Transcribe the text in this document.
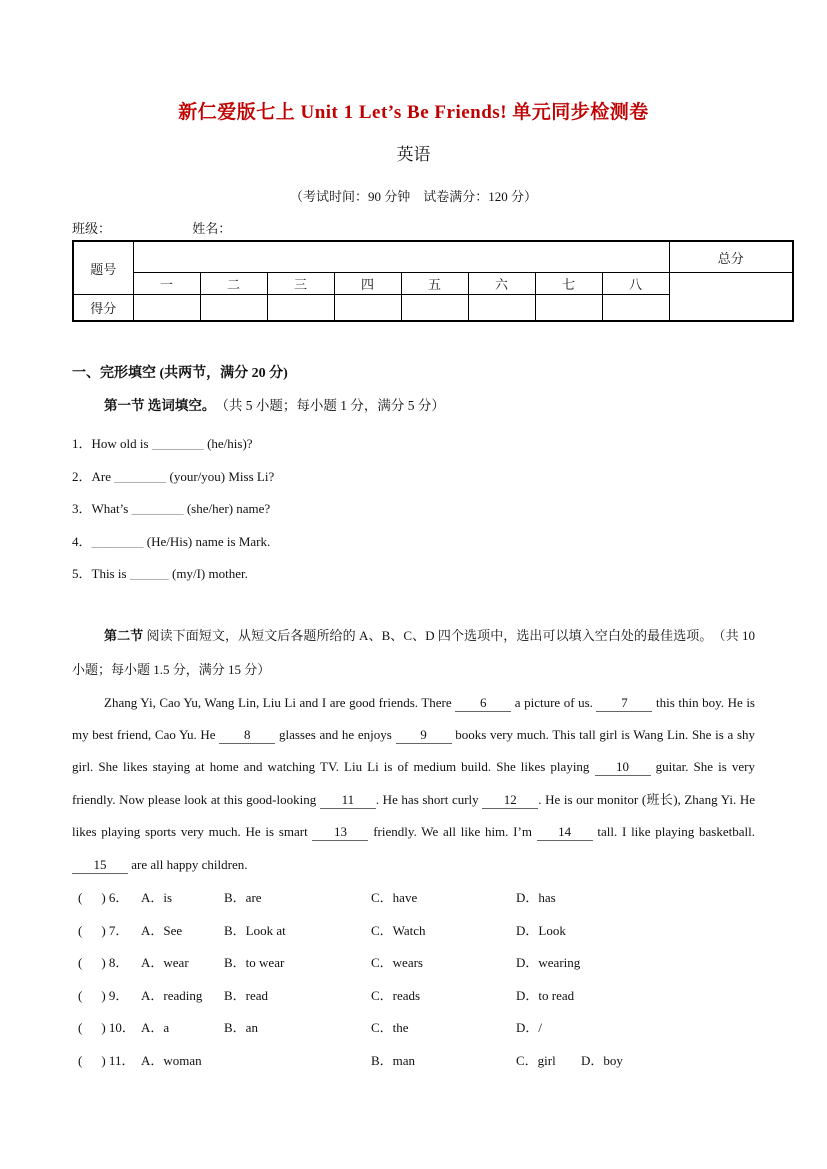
新仁爱版七上 Unit 1 Let’s Be Friends! 单元同步检测卷
英语
（考试时间：90 分钟　试卷满分：120 分）
班级：	姓名：
题号									总分
	一	二	三	四	五	六	七	八	
得分									
一、完形填空 (共两节，满分 20 分)
第一节 选词填空。　（共 5 小题；每小题 1 分，满分 5 分）
1．How old is ________ (he/his)?
2．Are ________ (your/you) Miss Li?
3．What’s ________ (she/her) name?
4．________ (He/His) name is Mark.
5．This is ______ (my/I) mother.
第二节 阅读下面短文，从短文后各题所给的 A、B、C、D 四个选项中，选出可以填入空白处的最佳选项。　（共 10 小题；每小题 1.5 分，满分 15 分）
Zhang Yi, Cao Yu, Wang Lin, Liu Li and I are good friends. There 6 a picture of us. 7 this thin boy. He is my best friend, Cao Yu. He 8 glasses and he enjoys 9 books very much. This tall girl is Wang Lin. She is a shy girl. She likes staying at home and watching TV. Liu Li is of medium build. She likes playing 10 guitar. She is very friendly. Now please look at this good-looking 11 . He has short curly 12 . He is our monitor (班长), Zhang Yi. He likes playing sports very much. He is smart 13 friendly. We all like him. I’m 14 tall. I like playing basketball. 15 are all happy children.
( ) 6． A．is	B．are	C．have	D．has
( ) 7． A．See	B．Look at	C．Watch	D．Look
( ) 8． A．wear	B．to wear	C．wears	D．wearing
( ) 9． A．reading	B．read	C．reads	D．to read
( ) 10． A．a	B．an	C．the	D．/
( ) 11． A．woman	B．man	C．girl	D．boy
